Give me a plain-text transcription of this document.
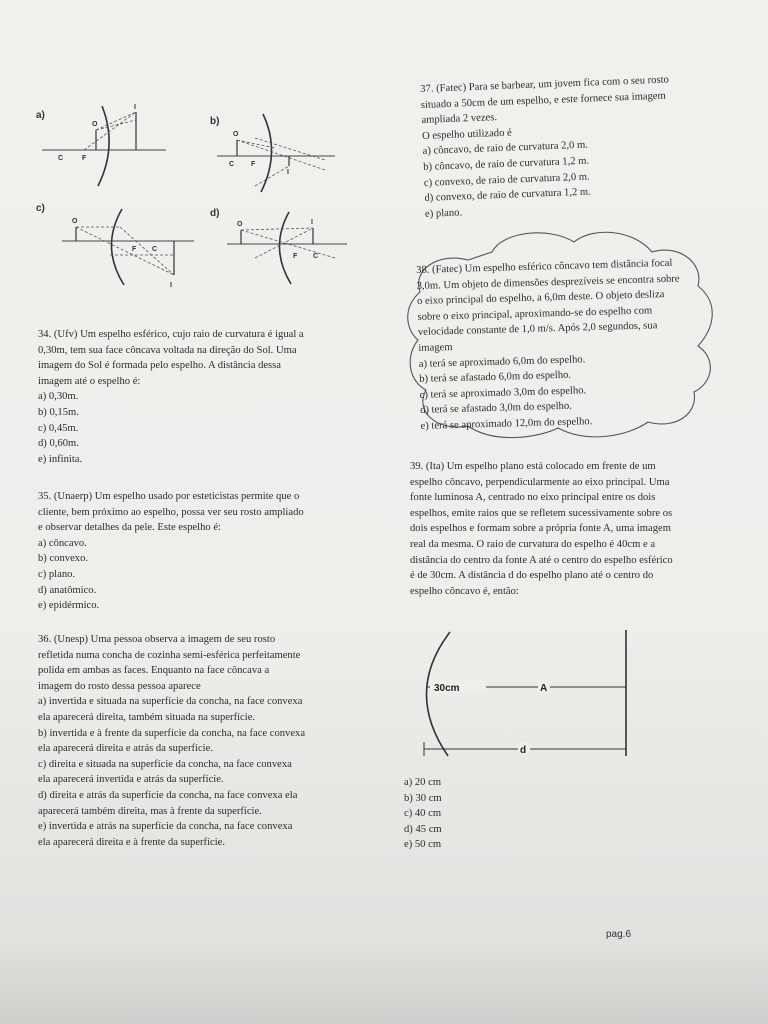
a)
O
I
C	F
b)
O
I
C F
c)
O
F C
I
d)
O	I
F C
34. (Ufv) Um espelho esférico, cujo raio de curvatura é igual a
0,30m, tem sua face côncava voltada na direção do Sol. Uma
imagem do Sol é formada pelo espelho. A distância dessa
imagem até o espelho é:
a) 0,30m.
b) 0,15m.
c) 0,45m.
d) 0,60m.
e) infinita.
35. (Unaerp) Um espelho usado por esteticistas permite que o
cliente, bem próximo ao espelho, possa ver seu rosto ampliado
e observar detalhes da pele. Este espelho é:
a) côncavo.
b) convexo.
c) plano.
d) anatômico.
e) epidérmico.
36. (Unesp) Uma pessoa observa a imagem de seu rosto
refletida numa concha de cozinha semi-esférica perfeitamente
polida em ambas as faces. Enquanto na face côncava a
imagem do rosto dessa pessoa aparece
a) invertida e situada na superfície da concha, na face convexa
ela aparecerá direita, também situada na superfície.
b) invertida e à frente da superfície da concha, na face convexa
ela aparecerá direita e atrás da superfície.
c) direita e situada na superfície da concha, na face convexa
ela aparecerá invertida e atrás da superfície.
d) direita e atrás da superfície da concha, na face convexa ela
aparecerá também direita, mas à frente da superfície.
e) invertida e atrás na superfície da concha, na face convexa
ela aparecerá direita e à frente da superfície.
37. (Fatec) Para se barbear, um jovem fica com o seu rosto
situado a 50cm de um espelho, e este fornece sua imagem
ampliada 2 vezes.
O espelho utilizado é
a) côncavo, de raio de curvatura 2,0 m.
b) côncavo, de raio de curvatura 1,2 m.
c) convexo, de raio de curvatura 2,0 m.
d) convexo, de raio de curvatura 1,2 m.
e) plano.
38. (Fatec) Um espelho esférico côncavo tem distância focal
3,0m. Um objeto de dimensões desprezíveis se encontra sobre
o eixo principal do espelho, a 6,0m deste. O objeto desliza
sobre o eixo principal, aproximando-se do espelho com
velocidade constante de 1,0 m/s. Após 2,0 segundos, sua
imagem
a) terá se aproximado 6,0m do espelho.
b) terá se afastado 6,0m do espelho.
c) terá se aproximado 3,0m do espelho.
d) terá se afastado 3,0m do espelho.
e) terá se aproximado 12,0m do espelho.
39. (Ita) Um espelho plano está colocado em frente de um
espelho côncavo, perpendicularmente ao eixo principal. Uma
fonte luminosa A, centrado no eixo principal entre os dois
espelhos, emite raios que se refletem sucessivamente sobre os
dois espelhos e formam sobre a própria fonte A, uma imagem
real da mesma. O raio de curvatura do espelho é 40cm e a
distância do centro da fonte A até o centro do espelho esférico
é de 30cm. A distância d do espelho plano até o centro do
espelho côncavo é, então:
30cm	A
d
a) 20 cm
b) 30 cm
c) 40 cm
d) 45 cm
e) 50 cm
pag.6
